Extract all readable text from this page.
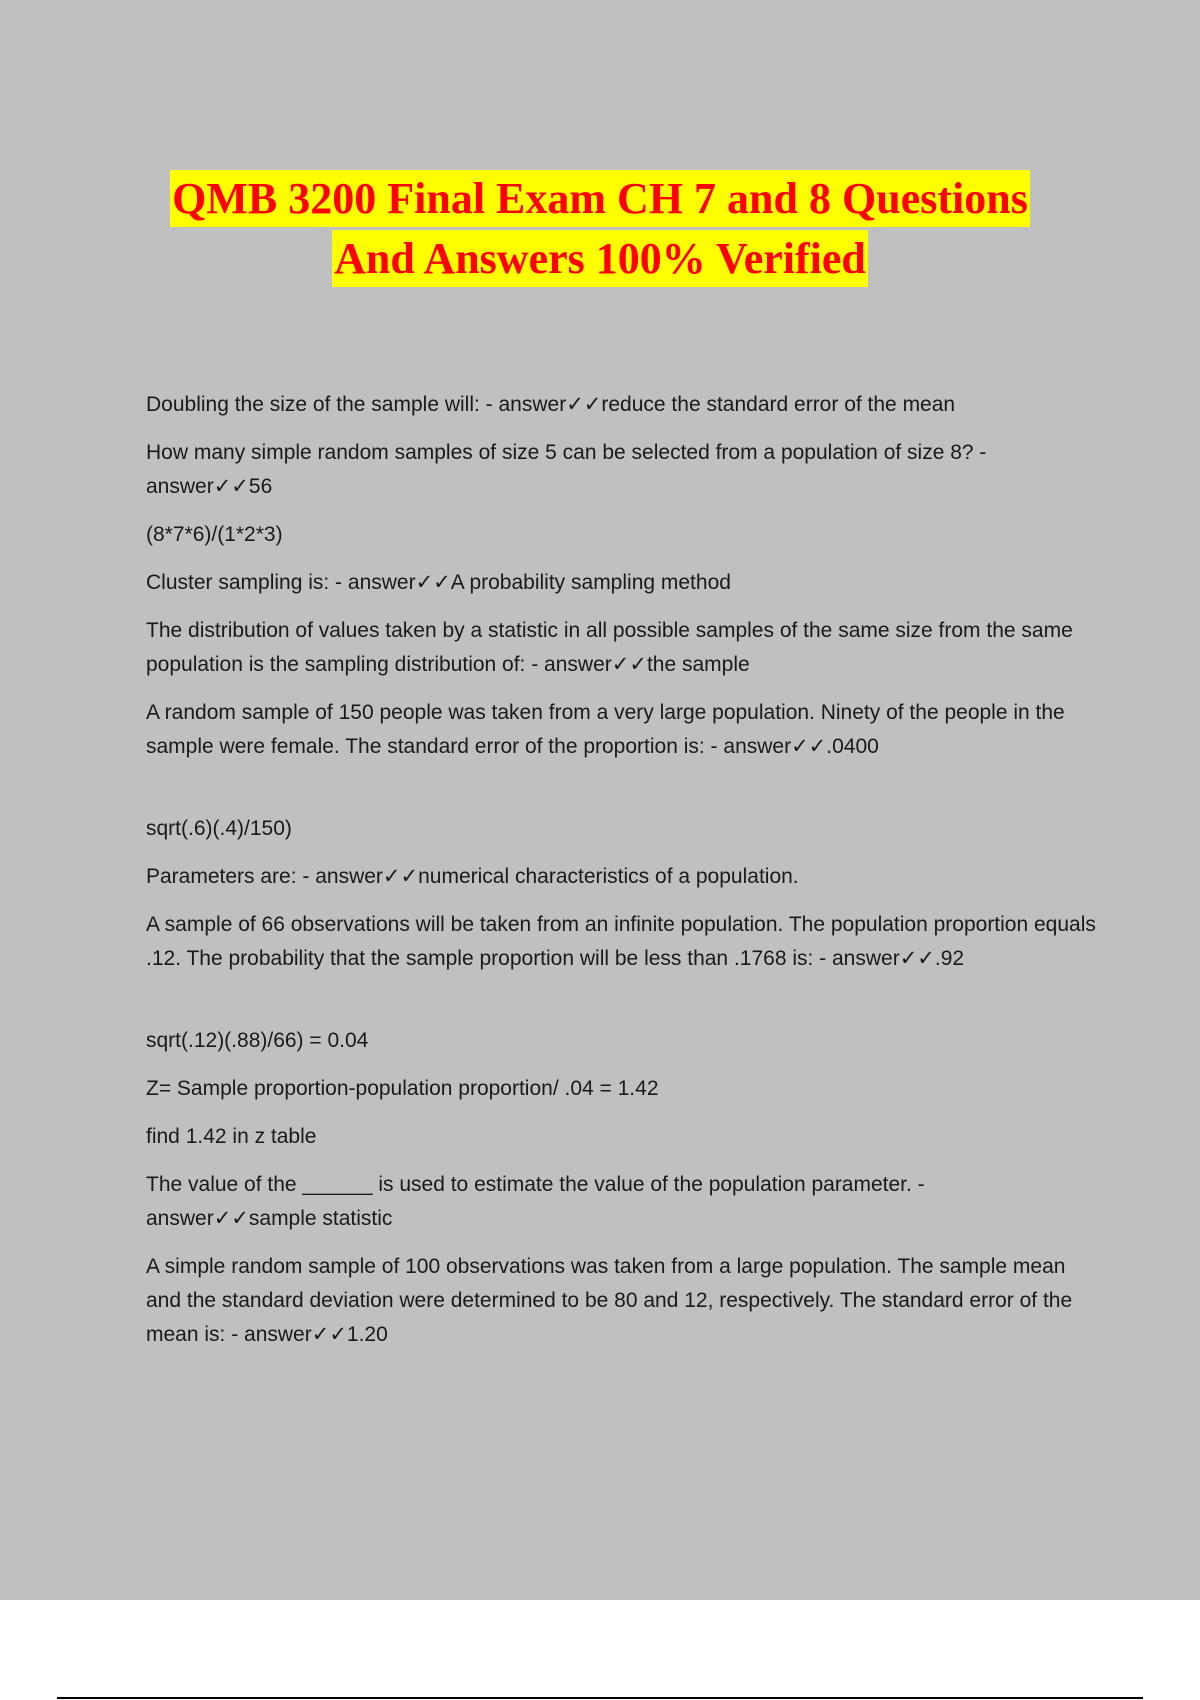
QMB 3200 Final Exam CH 7 and 8 Questions
And Answers 100% Verified

Doubling the size of the sample will: - answer✓✓reduce the standard error of the mean

How many simple random samples of size 5 can be selected from a population of size 8? - answer✓✓56

(8*7*6)/(1*2*3)

Cluster sampling is: - answer✓✓A probability sampling method

The distribution of values taken by a statistic in all possible samples of the same size from the same population is the sampling distribution of: - answer✓✓the sample

A random sample of 150 people was taken from a very large population. Ninety of the people in the sample were female. The standard error of the proportion is: - answer✓✓.0400

sqrt(.6)(.4)/150)

Parameters are: - answer✓✓numerical characteristics of a population.

A sample of 66 observations will be taken from an infinite population. The population proportion equals .12. The probability that the sample proportion will be less than .1768 is: - answer✓✓.92

sqrt(.12)(.88)/66) = 0.04

Z= Sample proportion-population proportion/ .04 = 1.42

find 1.42 in z table

The value of the ______ is used to estimate the value of the population parameter. - answer✓✓sample statistic

A simple random sample of 100 observations was taken from a large population. The sample mean and the standard deviation were determined to be 80 and 12, respectively. The standard error of the mean is: - answer✓✓1.20
